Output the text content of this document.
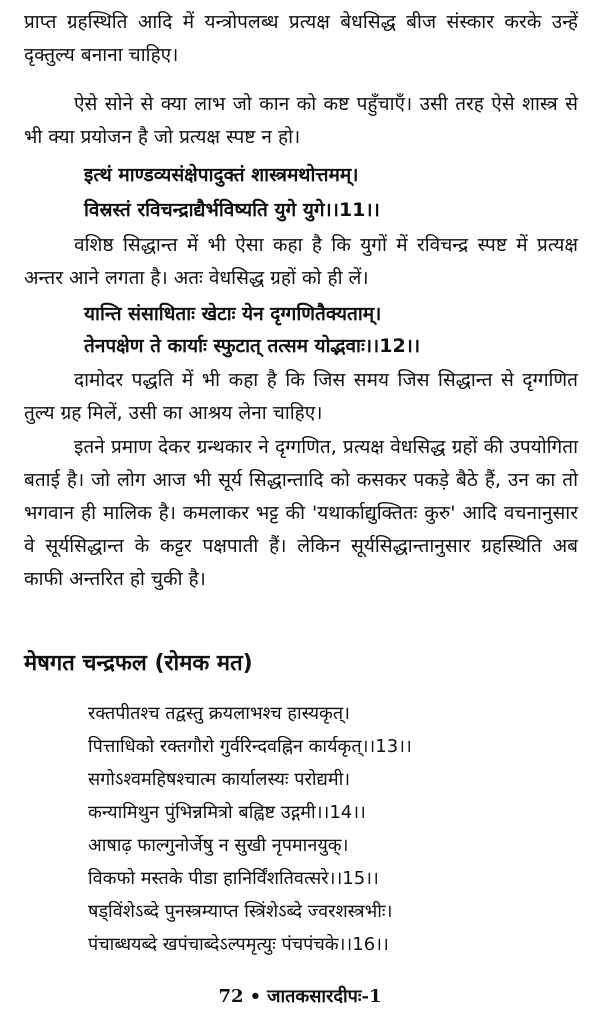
प्राप्त ग्रहस्थिति आदि में यन्त्रोपलब्ध प्रत्यक्ष बेधसिद्ध बीज संस्कार करके उन्हें दृक्तुल्य बनाना चाहिए।
ऐसे सोने से क्या लाभ जो कान को कष्ट पहुँचाएँ। उसी तरह ऐसे शास्त्र से भी क्या प्रयोजन है जो प्रत्यक्ष स्पष्ट न हो।
इत्थं माण्डव्यसंक्षेपादुक्तं शास्त्रमथोत्तमम्।
विस्रस्तं रविचन्द्राद्यैर्भविष्यति युगे युगे।।11।।
वशिष्ठ सिद्धान्त में भी ऐसा कहा है कि युगों में रविचन्द्र स्पष्ट में प्रत्यक्ष अन्तर आने लगता है। अतः वेधसिद्ध ग्रहों को ही लें।
यान्ति संसाधिताः खेटाः येन दृग्गणितैक्यताम्।
तेनपक्षेण ते कार्याः स्फुटात् तत्सम योद्भवाः।।12।।
दामोदर पद्धति में भी कहा है कि जिस समय जिस सिद्धान्त से दृग्गणित तुल्य ग्रह मिलें, उसी का आश्रय लेना चाहिए।
इतने प्रमाण देकर ग्रन्थकार ने दृग्गणित, प्रत्यक्ष वेधसिद्ध ग्रहों की उपयोगिता बताई है। जो लोग आज भी सूर्य सिद्धान्तादि को कसकर पकड़े बैठे हैं, उन का तो भगवान ही मालिक है। कमलाकर भट्ट की 'यथार्काद्युक्तितः कुरु' आदि वचनानुसार वे सूर्यसिद्धान्त के कट्टर पक्षपाती हैं। लेकिन सूर्यसिद्धान्तानुसार ग्रहस्थिति अब काफी अन्तरित हो चुकी है।
मेषगत चन्द्रफल (रोमक मत)
रक्तपीतश्च तद्वस्तु क्रयलाभश्च हास्यकृत्।
पित्ताधिको रक्तगौरो गुर्वरिन्दवह्निन कार्यकृत्।।13।।
सगोऽश्वमहिषश्चात्म कार्यालस्यः परोद्यमी।
कन्यामिथुन पुंभिन्नमित्रो बह्विष्ट उद्गमी।।14।।
आषाढ़ फाल्गुनोर्जेषु न सुखी नृपमानयुक्।
विकफो मस्तके पीडा हानिर्विंशतिवत्सरे।।15।।
षड्विंशेऽब्दे पुनस्त्रम्याप्त स्त्रिंशेऽब्दे ज्वरशस्त्रभीः।
पंचाब्धयब्दे खपंचाब्देऽल्पमृत्युः पंचपंचके।।16।।
72 • जातकसारदीपः-1
